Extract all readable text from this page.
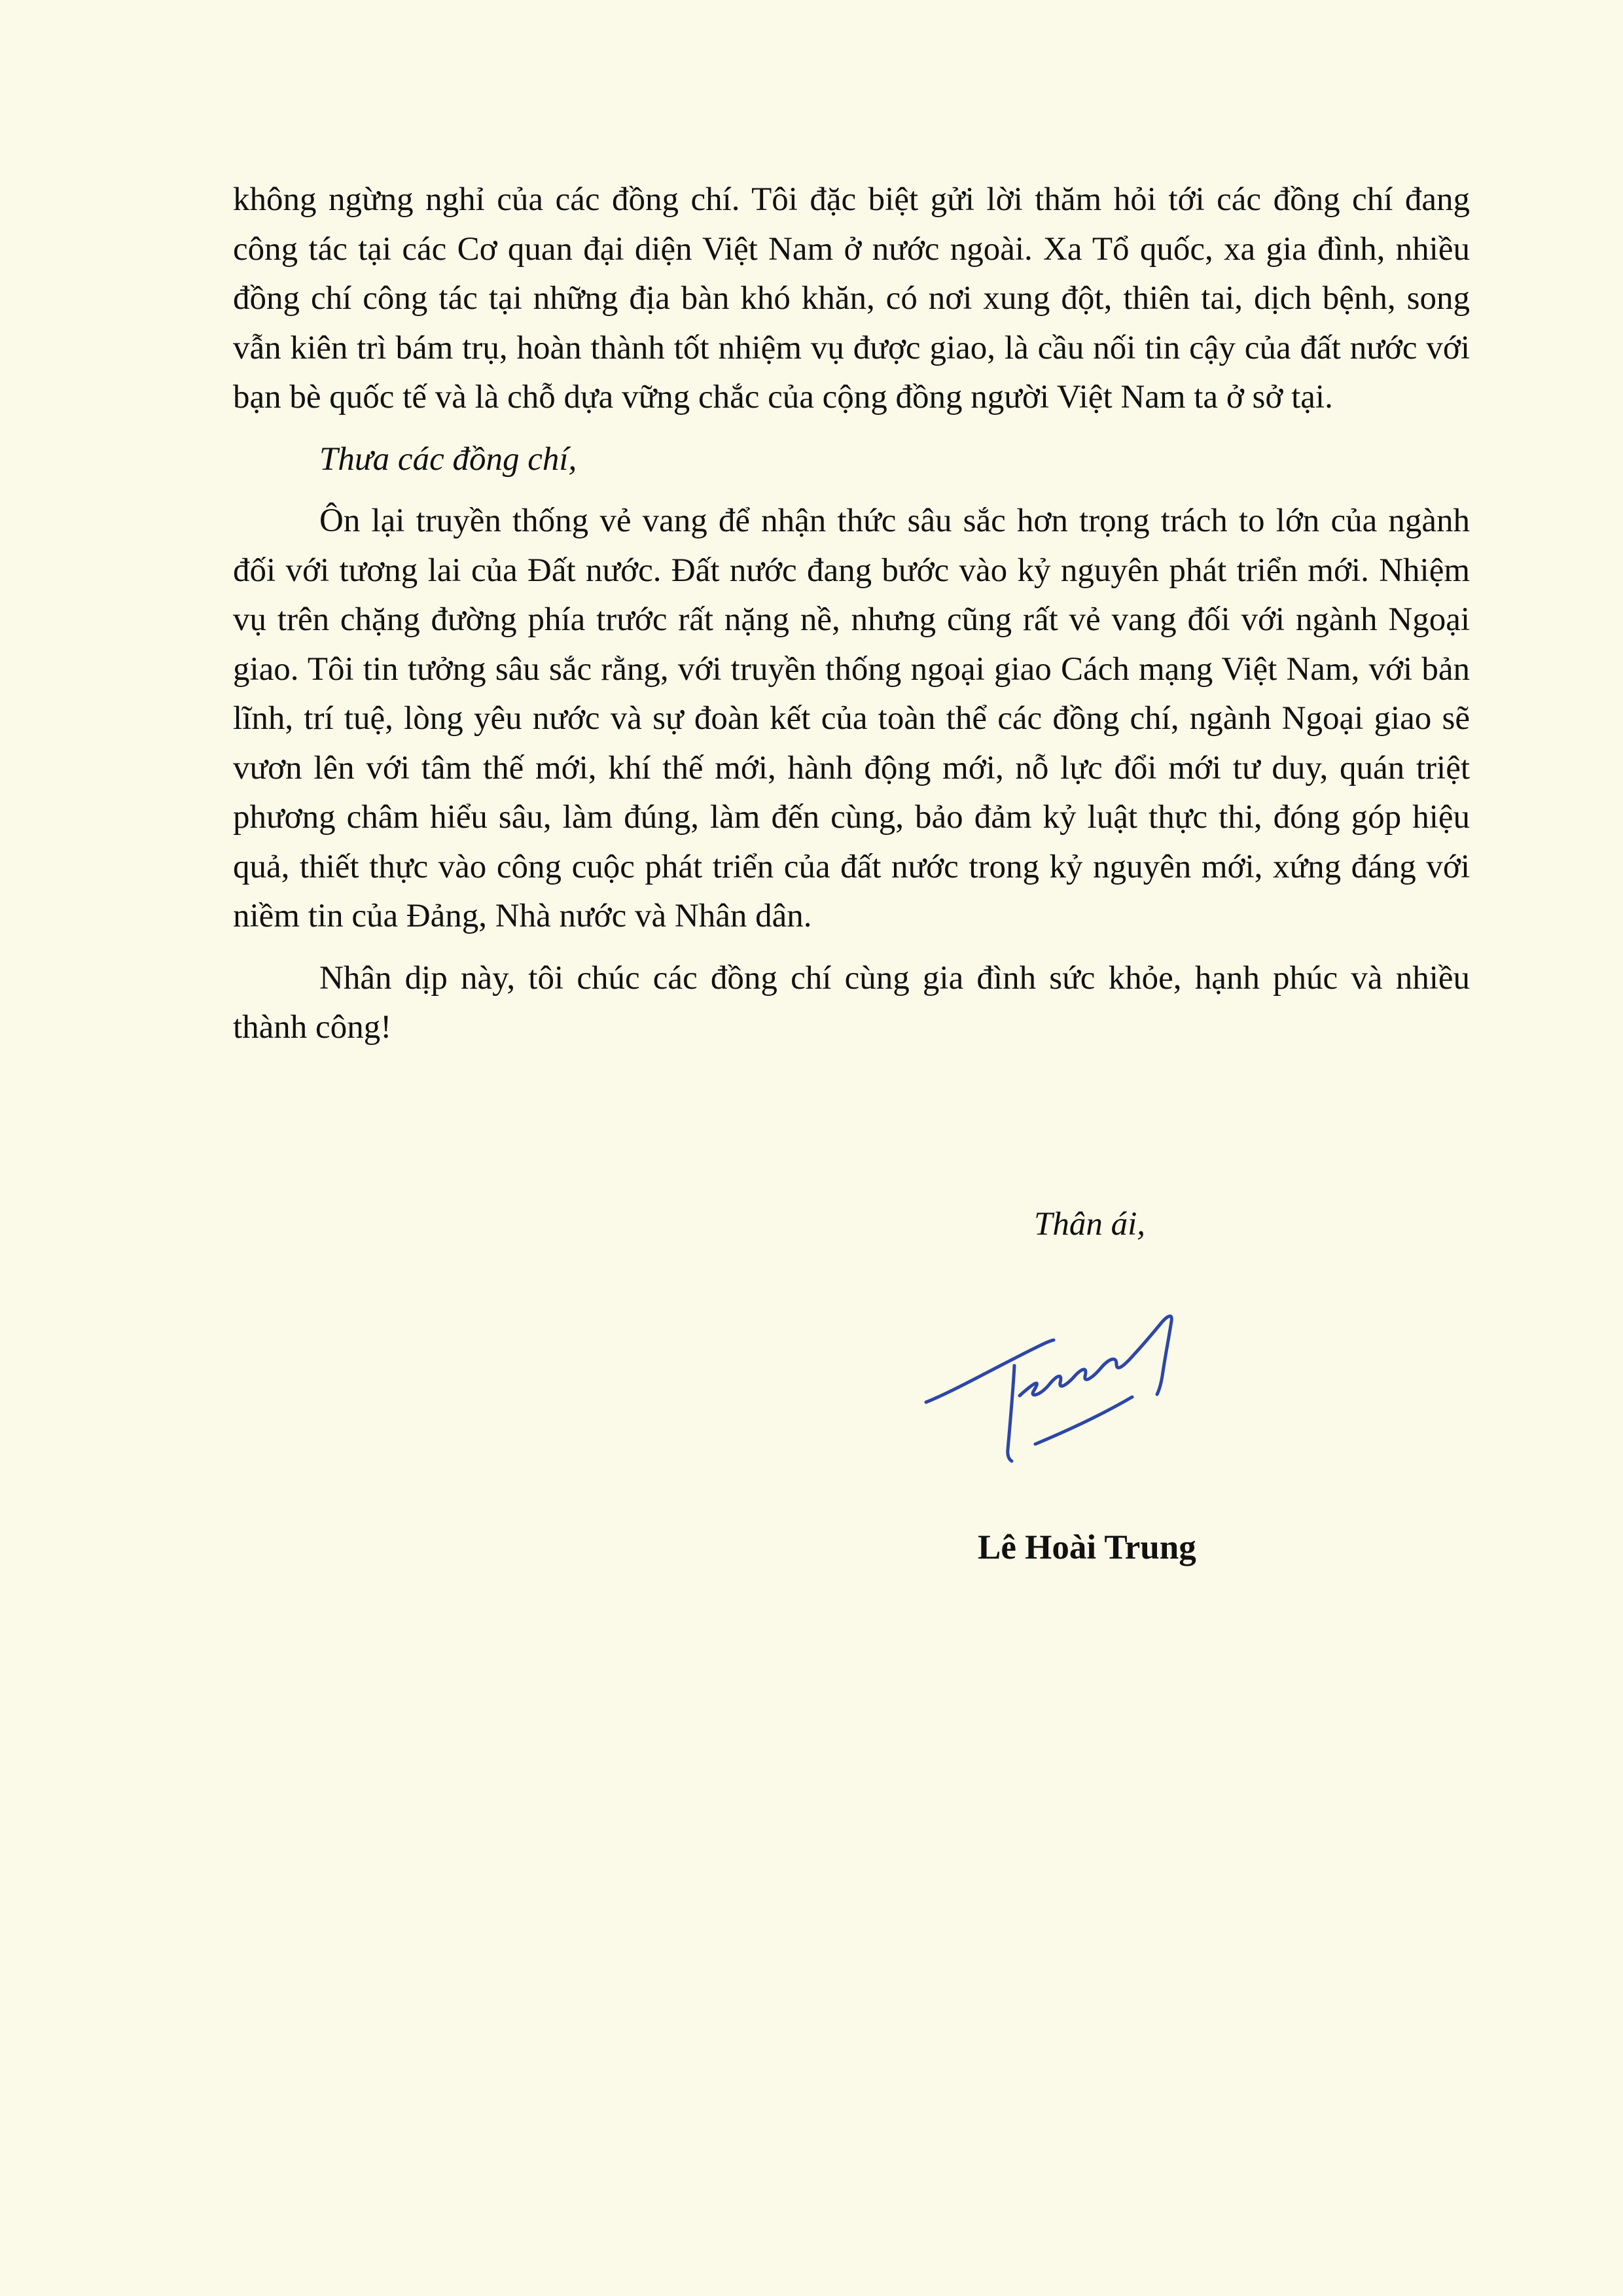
không ngừng nghỉ của các đồng chí. Tôi đặc biệt gửi lời thăm hỏi tới các đồng chí đang công tác tại các Cơ quan đại diện Việt Nam ở nước ngoài. Xa Tổ quốc, xa gia đình, nhiều đồng chí công tác tại những địa bàn khó khăn, có nơi xung đột, thiên tai, dịch bệnh, song vẫn kiên trì bám trụ, hoàn thành tốt nhiệm vụ được giao, là cầu nối tin cậy của đất nước với bạn bè quốc tế và là chỗ dựa vững chắc của cộng đồng người Việt Nam ta ở sở tại.

Thưa các đồng chí,

Ôn lại truyền thống vẻ vang để nhận thức sâu sắc hơn trọng trách to lớn của ngành đối với tương lai của Đất nước. Đất nước đang bước vào kỷ nguyên phát triển mới. Nhiệm vụ trên chặng đường phía trước rất nặng nề, nhưng cũng rất vẻ vang đối với ngành Ngoại giao. Tôi tin tưởng sâu sắc rằng, với truyền thống ngoại giao Cách mạng Việt Nam, với bản lĩnh, trí tuệ, lòng yêu nước và sự đoàn kết của toàn thể các đồng chí, ngành Ngoại giao sẽ vươn lên với tâm thế mới, khí thế mới, hành động mới, nỗ lực đổi mới tư duy, quán triệt phương châm hiểu sâu, làm đúng, làm đến cùng, bảo đảm kỷ luật thực thi, đóng góp hiệu quả, thiết thực vào công cuộc phát triển của đất nước trong kỷ nguyên mới, xứng đáng với niềm tin của Đảng, Nhà nước và Nhân dân.

Nhân dịp này, tôi chúc các đồng chí cùng gia đình sức khỏe, hạnh phúc và nhiều thành công!

Thân ái,
Lê Hoài Trung
